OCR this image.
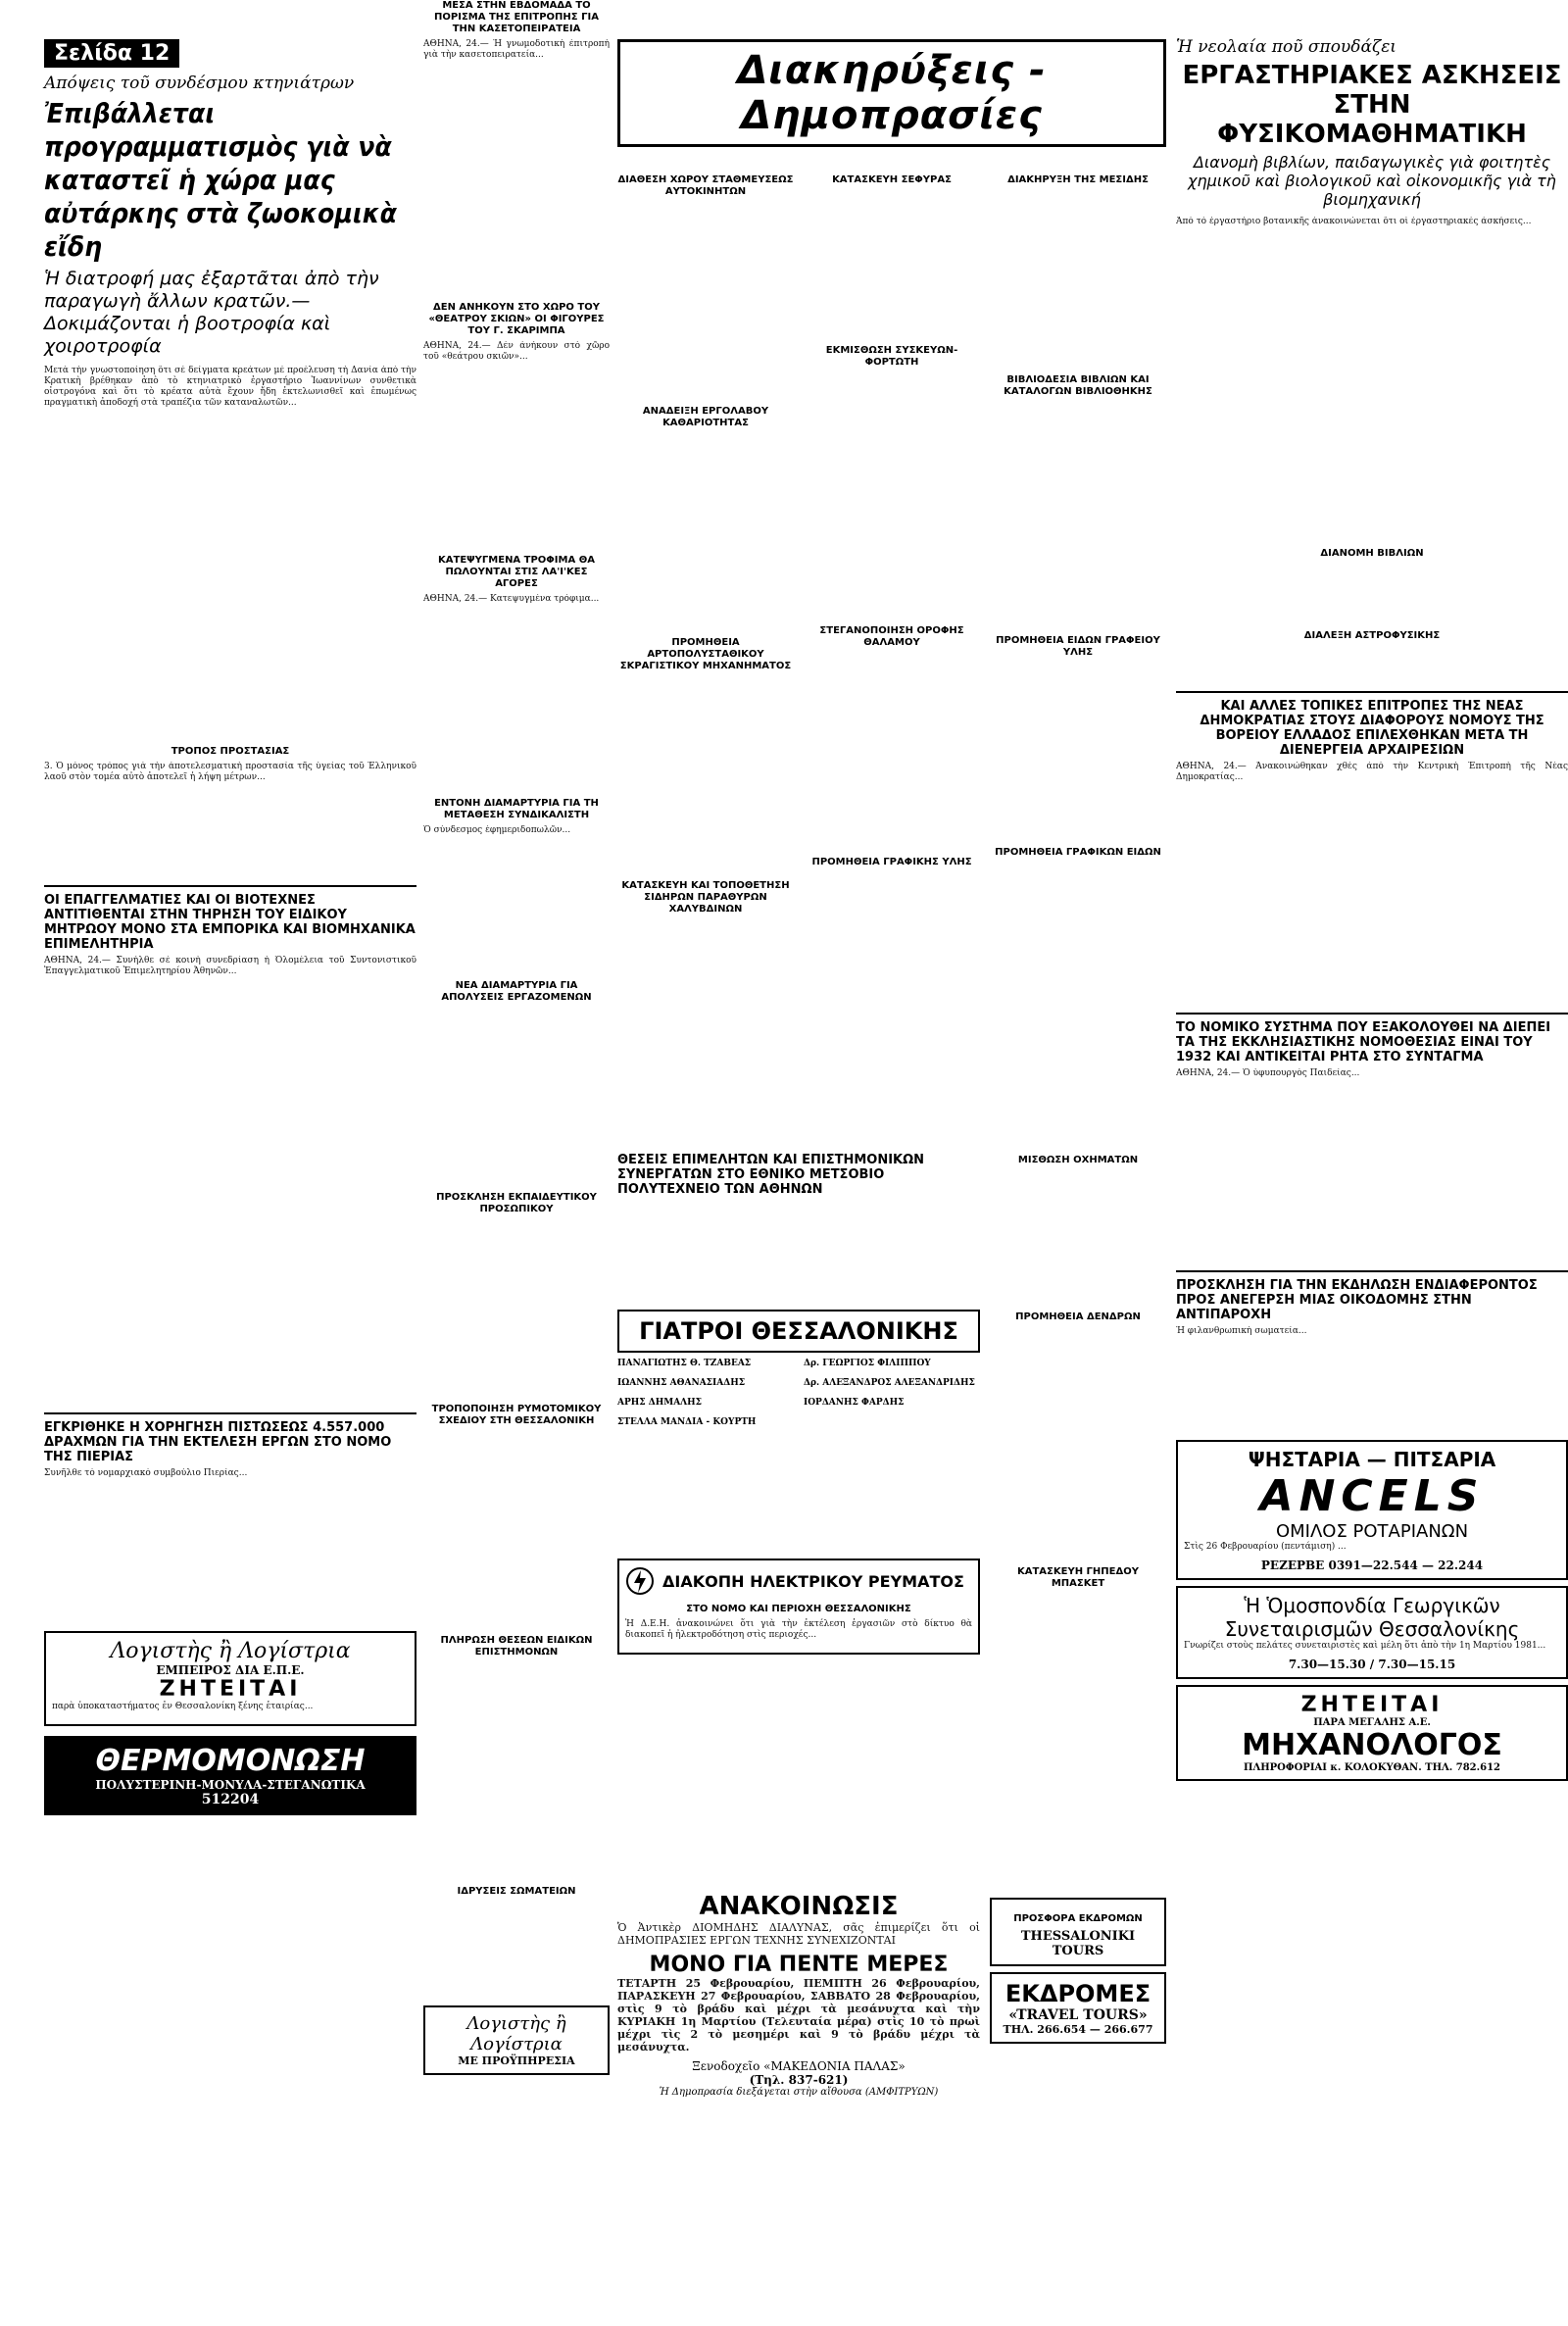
Σελίδα 12
Απόψεις τοῦ συνδέσμου κτηνιάτρων
Ἐπιβάλλεται προγραμματισμὸς γιὰ νὰ καταστεῖ ἡ χώρα μας αὐτάρκης στὰ ζωοκομικὰ εἴδη
Ἡ διατροφή μας ἐξαρτᾶται ἀπὸ τὴν παραγωγὴ ἄλλων κρατῶν.— Δοκιμάζονται ἡ βοοτροφία καὶ χοιροτροφία

Μετὰ τὴν γνωστοποίηση ὅτι σὲ δείγματα κρεάτων μὲ προέλευση τὴ Δανία ἀπὸ τὴν Κρατικὴ βρέθηκαν ἀπὸ τὸ κτηνιατρικὸ ἐργαστήριο Ἰωαννίνων συνθετικὰ οἰστρογόνα καὶ ὅτι τὸ κρέατα αὐτὰ ἔχουν ἤδη ἐκτελωνισθεῖ καὶ ἐπωμένως πραγματικὴ ἀποδοχή στὰ τραπέζια τῶν καταναλωτῶν...

ΤΡΟΠΟΣ ΠΡΟΣΤΑΣΙΑΣ

3. Ὁ μόνος τρόπος γιὰ τὴν ἀποτελεσματικὴ προστασία τῆς ὑγείας τοῦ Ἑλληνικοῦ λαοῦ στὸν τομέα αὐτὸ ἀποτελεῖ ἡ λήψη μέτρων...

ΟΙ ΕΠΑΓΓΕΛΜΑΤΙΕΣ ΚΑΙ ΟΙ ΒΙΟΤΕΧΝΕΣ ΑΝΤΙΤΙΘΕΝΤΑΙ ΣΤΗΝ ΤΗΡΗΣΗ ΤΟΥ ΕΙΔΙΚΟΥ ΜΗΤΡΩΟΥ ΜΟΝΟ ΣΤΑ ΕΜΠΟΡΙΚΑ ΚΑΙ ΒΙΟΜΗΧΑΝΙΚΑ ΕΠΙΜΕΛΗΤΗΡΙΑ

ΑΘΗΝΑ, 24.— Συνήλθε σὲ κοινὴ συνεδρίαση ἡ Ὁλομέλεια τοῦ Συντονιστικοῦ Ἐπαγγελματικοῦ Ἐπιμελητηρίου Ἀθηνῶν...

ΕΓΚΡΙΘΗΚΕ Η ΧΟΡΗΓΗΣΗ ΠΙΣΤΩΣΕΩΣ 4.557.000 ΔΡΑΧΜΩΝ ΓΙΑ ΤΗΝ ΕΚΤΕΛΕΣΗ ΕΡΓΩΝ ΣΤΟ ΝΟΜΟ ΤΗΣ ΠΙΕΡΙΑΣ

Συνῆλθε τὸ νομαρχιακὸ συμβούλιο Πιερίας...

Λογιστὴς ἢ Λογίστρια
ΕΜΠΕΙΡΟΣ ΔΙΑ Ε.Π.Ε.
ΖΗΤΕΙΤΑΙ
παρὰ ὑποκαταστήματος ἐν Θεσσαλονίκη ξένης ἑταιρίας...
ΘΕΡΜΟΜΟΝΩΣΗ
ΠΟΛΥΣΤΕΡΙΝΗ-ΜΟΝΥΛΑ-ΣΤΕΓΑΝΩΤΙΚΑ
512204
ΜΕΣΑ ΣΤΗΝ ΕΒΔΟΜΑΔΑ ΤΟ ΠΟΡΙΣΜΑ ΤΗΣ ΕΠΙΤΡΟΠΗΣ ΓΙΑ ΤΗΝ ΚΑΣΕΤΟΠΕΙΡΑΤΕΙΑ

ΑΘΗΝΑ, 24.— Ἡ γνωμοδοτικὴ ἐπιτροπὴ γιὰ τὴν κασετοπειρατεία...

ΔΕΝ ΑΝΗΚΟΥΝ ΣΤΟ ΧΩΡΟ ΤΟΥ «ΘΕΑΤΡΟΥ ΣΚΙΩΝ» ΟΙ ΦΙΓΟΥΡΕΣ ΤΟΥ Γ. ΣΚΑΡΙΜΠΑ

ΑΘΗΝΑ, 24.— Δὲν ἀνήκουν στὸ χῶρο τοῦ «θεάτρου σκιῶν»...

ΚΑΤΕΨΥΓΜΕΝΑ ΤΡΟΦΙΜΑ ΘΑ ΠΩΛΟΥΝΤΑΙ ΣΤΙΣ ΛΑ'Ι'ΚΕΣ ΑΓΟΡΕΣ

ΑΘΗΝΑ, 24.— Κατεψυγμένα τρόφιμα...

ΕΝΤΟΝΗ ΔΙΑΜΑΡΤΥΡΙΑ ΓΙΑ ΤΗ ΜΕΤΑΘΕΣΗ ΣΥΝΔΙΚΑΛΙΣΤΗ

Ὁ σύνδεσμος ἐφημεριδοπωλῶν...

ΝΕΑ ΔΙΑΜΑΡΤΥΡΙΑ ΓΙΑ ΑΠΟΛΥΣΕΙΣ ΕΡΓΑΖΟΜΕΝΩΝ
ΠΡΟΣΚΛΗΣΗ ΕΚΠΑΙΔΕΥΤΙΚΟΥ ΠΡΟΣΩΠΙΚΟΥ
ΤΡΟΠΟΠΟΙΗΣΗ ΡΥΜΟΤΟΜΙΚΟΥ ΣΧΕΔΙΟΥ ΣΤΗ ΘΕΣΣΑΛΟΝΙΚΗ
ΠΛΗΡΩΣΗ ΘΕΣΕΩΝ ΕΙΔΙΚΩΝ ΕΠΙΣΤΗΜΟΝΩΝ
ΙΔΡΥΣΕΙΣ ΣΩΜΑΤΕΙΩΝ
Λογιστὴς ἢ Λογίστρια
ΜΕ ΠΡΟΫΠΗΡΕΣΙΑ
Διακηρύξεις - Δημοπρασίες
ΔΙΑΘΕΣΗ ΧΩΡΟΥ ΣΤΑΘΜΕΥΣΕΩΣ ΑΥΤΟΚΙΝΗΤΩΝ
ΑΝΑΔΕΙΞΗ ΕΡΓΟΛΑΒΟΥ ΚΑΘΑΡΙΟΤΗΤΑΣ
ΠΡΟΜΗΘΕΙΑ ΑΡΤΟΠΟΛΥΣΤΑΘΙΚΟΥ ΣΚΡΑΓΙΣΤΙΚΟΥ ΜΗΧΑΝΗΜΑΤΟΣ
ΚΑΤΑΣΚΕΥΗ ΚΑΙ ΤΟΠΟΘΕΤΗΣΗ ΣΙΔΗΡΩΝ ΠΑΡΑΘΥΡΩΝ ΧΑΛΥΒΔΙΝΩΝ
ΚΑΤΑΣΚΕΥΗ ΣΕΦΥΡΑΣ
ΕΚΜΙΣΘΩΣΗ ΣΥΣΚΕΥΩΝ-ΦΟΡΤΩΤΗ
ΣΤΕΓΑΝΟΠΟΙΗΣΗ ΟΡΟΦΗΣ ΘΑΛΑΜΟΥ
ΠΡΟΜΗΘΕΙΑ ΓΡΑΦΙΚΗΣ ΥΛΗΣ
ΔΙΑΚΗΡΥΞΗ ΤΗΣ ΜΕΣΙΔΗΣ
ΒΙΒΛΙΟΔΕΣΙΑ ΒΙΒΛΙΩΝ ΚΑΙ ΚΑΤΑΛΟΓΩΝ ΒΙΒΛΙΟΘΗΚΗΣ
ΠΡΟΜΗΘΕΙΑ ΕΙΔΩΝ ΓΡΑΦΕΙΟΥ ΥΛΗΣ
ΠΡΟΜΗΘΕΙΑ ΓΡΑΦΙΚΩΝ ΕΙΔΩΝ
ΘΕΣΕΙΣ ΕΠΙΜΕΛΗΤΩΝ ΚΑΙ ΕΠΙΣΤΗΜΟΝΙΚΩΝ ΣΥΝΕΡΓΑΤΩΝ ΣΤΟ ΕΘΝΙΚΟ ΜΕΤΣΟΒΙΟ ΠΟΛΥΤΕΧΝΕΙΟ ΤΩΝ ΑΘΗΝΩΝ
ΜΙΣΘΩΣΗ ΟΧΗΜΑΤΩΝ
ΓΙΑΤΡΟΙ ΘΕΣΣΑΛΟΝΙΚΗΣ
ΠΑΝΑΓΙΩΤΗΣ Θ. ΤΖΑΒΕΑΣ	Δρ. ΓΕΩΡΓΙΟΣ ΦΙΛΙΠΠΟΥ
ΙΩΑΝΝΗΣ ΑΘΑΝΑΣΙΑΔΗΣ	Δρ. ΑΛΕΞΑΝΔΡΟΣ ΑΛΕΞΑΝΔΡΙΔΗΣ
ΑΡΗΣ ΔΗΜΑΛΗΣ	ΙΟΡΔΑΝΗΣ ΦΑΡΔΗΣ
ΣΤΕΛΛΑ ΜΑΝΔΙΑ - ΚΟΥΡΤΗ
ΠΡΟΜΗΘΕΙΑ ΔΕΝΔΡΩΝ
ΔΙΑΚΟΠΗ ΗΛΕΚΤΡΙΚΟΥ ΡΕΥΜΑΤΟΣ
ΣΤΟ ΝΟΜΟ ΚΑΙ ΠΕΡΙΟΧΗ ΘΕΣΣΑΛΟΝΙΚΗΣ

Ἡ Δ.Ε.Η. ἀνακοινώνει ὅτι γιὰ τὴν ἐκτέλεση ἐργασιῶν στὸ δίκτυο θὰ διακοπεῖ ἡ ἠλεκτροδότηση στὶς περιοχές...

ΚΑΤΑΣΚΕΥΗ ΓΗΠΕΔΟΥ ΜΠΑΣΚΕΤ
ΑΝΑΚΟΙΝΩΣΙΣ

Ὁ Ἀντικὲρ ΔΙΟΜΗΔΗΣ ΔΙΑΛΥΝΑΣ, σᾶς ἐπιμερίζει ὅτι οἱ ΔΗΜΟΠΡΑΣΙΕΣ ΕΡΓΩΝ ΤΕΧΝΗΣ ΣΥΝΕΧΙΖΟΝΤΑΙ

ΜΟΝΟ ΓΙΑ ΠΕΝΤΕ ΜΕΡΕΣ

ΤΕΤΑΡΤΗ 25 Φεβρουαρίου, ΠΕΜΠΤΗ 26 Φεβρουαρίου, ΠΑΡΑΣΚΕΥΗ 27 Φεβρουαρίου, ΣΑΒΒΑΤΟ 28 Φεβρουαρίου, στὶς 9 τὸ βράδυ καὶ μέχρι τὰ μεσάνυχτα καὶ τὴν ΚΥΡΙΑΚΗ 1η Μαρτίου (Τελευταία μέρα) στὶς 10 τὸ πρωὶ μέχρι τὶς 2 τὸ μεσημέρι καὶ 9 τὸ βράδυ μέχρι τὰ μεσάνυχτα.

Ξενοδοχεῖο «ΜΑΚΕΔΟΝΙΑ ΠΑΛΑΣ»
(Τηλ. 837-621)
Ἡ Δημοπρασία διεξάγεται στὴν αἴθουσα (ΑΜΦΙΤΡΥΩΝ)
ΠΡΟΣΦΟΡΑ ΕΚΔΡΟΜΩΝ
THESSALONIKI TOURS
ΕΚΔΡΟΜΕΣ
«TRAVEL TOURS»
ΤΗΛ. 266.654 — 266.677
Ἡ νεολαία ποῦ σπουδάζει
ΕΡΓΑΣΤΗΡΙΑΚΕΣ ΑΣΚΗΣΕΙΣ ΣΤΗΝ ΦΥΣΙΚΟΜΑΘΗΜΑΤΙΚΗ
Διανομὴ βιβλίων, παιδαγωγικὲς γιὰ φοιτητὲς χημικοῦ καὶ βιολογικοῦ καὶ οἰκονομικῆς γιὰ τὴ βιομηχανική

Ἀπὸ τὸ ἐργαστήριο βοτανικῆς ἀνακοινώνεται ὅτι οἱ ἐργαστηριακὲς ἀσκήσεις...

ΔΙΑΝΟΜΗ ΒΙΒΛΙΩΝ
ΔΙΑΛΕΞΗ ΑΣΤΡΟΦΥΣΙΚΗΣ
ΚΑΙ ΑΛΛΕΣ ΤΟΠΙΚΕΣ ΕΠΙΤΡΟΠΕΣ ΤΗΣ ΝΕΑΣ ΔΗΜΟΚΡΑΤΙΑΣ ΣΤΟΥΣ ΔΙΑΦΟΡΟΥΣ ΝΟΜΟΥΣ ΤΗΣ ΒΟΡΕΙΟΥ ΕΛΛΑΔΟΣ ΕΠΙΛΕΧΘΗΚΑΝ ΜΕΤΑ ΤΗ ΔΙΕΝΕΡΓΕΙΑ ΑΡΧΑΙΡΕΣΙΩΝ

ΑΘΗΝΑ, 24.— Ἀνακοινώθηκαν χθὲς ἀπὸ τὴν Κεντρικὴ Ἐπιτροπὴ τῆς Νέας Δημοκρατίας...

ΤΟ ΝΟΜΙΚΟ ΣΥΣΤΗΜΑ ΠΟΥ ΕΞΑΚΟΛΟΥΘΕΙ ΝΑ ΔΙΕΠΕΙ ΤΑ ΤΗΣ ΕΚΚΛΗΣΙΑΣΤΙΚΗΣ ΝΟΜΟΘΕΣΙΑΣ ΕΙΝΑΙ ΤΟΥ 1932 ΚΑΙ ΑΝΤΙΚΕΙΤΑΙ ΡΗΤΑ ΣΤΟ ΣΥΝΤΑΓΜΑ

ΑΘΗΝΑ, 24.— Ὁ ὑφυπουργὸς Παιδείας...

ΠΡΟΣΚΛΗΣΗ ΓΙΑ ΤΗΝ ΕΚΔΗΛΩΣΗ ΕΝΔΙΑΦΕΡΟΝΤΟΣ ΠΡΟΣ ΑΝΕΓΕΡΣΗ ΜΙΑΣ ΟΙΚΟΔΟΜΗΣ ΣΤΗΝ ΑΝΤΙΠΑΡΟΧΗ

Ἡ φιλανθρωπικὴ σωματεία...

ΨΗΣΤΑΡΙΑ — ΠΙΤΣΑΡΙΑ
ANCELS
ΟΜΙΛΟΣ ΡΟΤΑΡΙΑΝΩΝ

Στὶς 26 Φεβρουαρίου (πεντάμιση) ...

ΡΕΖΕΡΒΕ 0391—22.544 — 22.244
Ἡ Ὁμοσπονδία Γεωργικῶν Συνεταιρισμῶν Θεσσαλονίκης

Γνωρίζει στοὺς πελάτες συνεταιριστὲς καὶ μέλη ὅτι ἀπὸ τὴν 1η Μαρτίου 1981...

7.30—15.30 / 7.30—15.15
ΖΗΤΕΙΤΑΙ
ΠΑΡΑ ΜΕΓΑΛΗΣ Α.Ε.
ΜΗΧΑΝΟΛΟΓΟΣ
ΠΛΗΡΟΦΟΡΙΑΙ κ. ΚΟΛΟΚΥΘΑΝ. ΤΗΛ. 782.612
